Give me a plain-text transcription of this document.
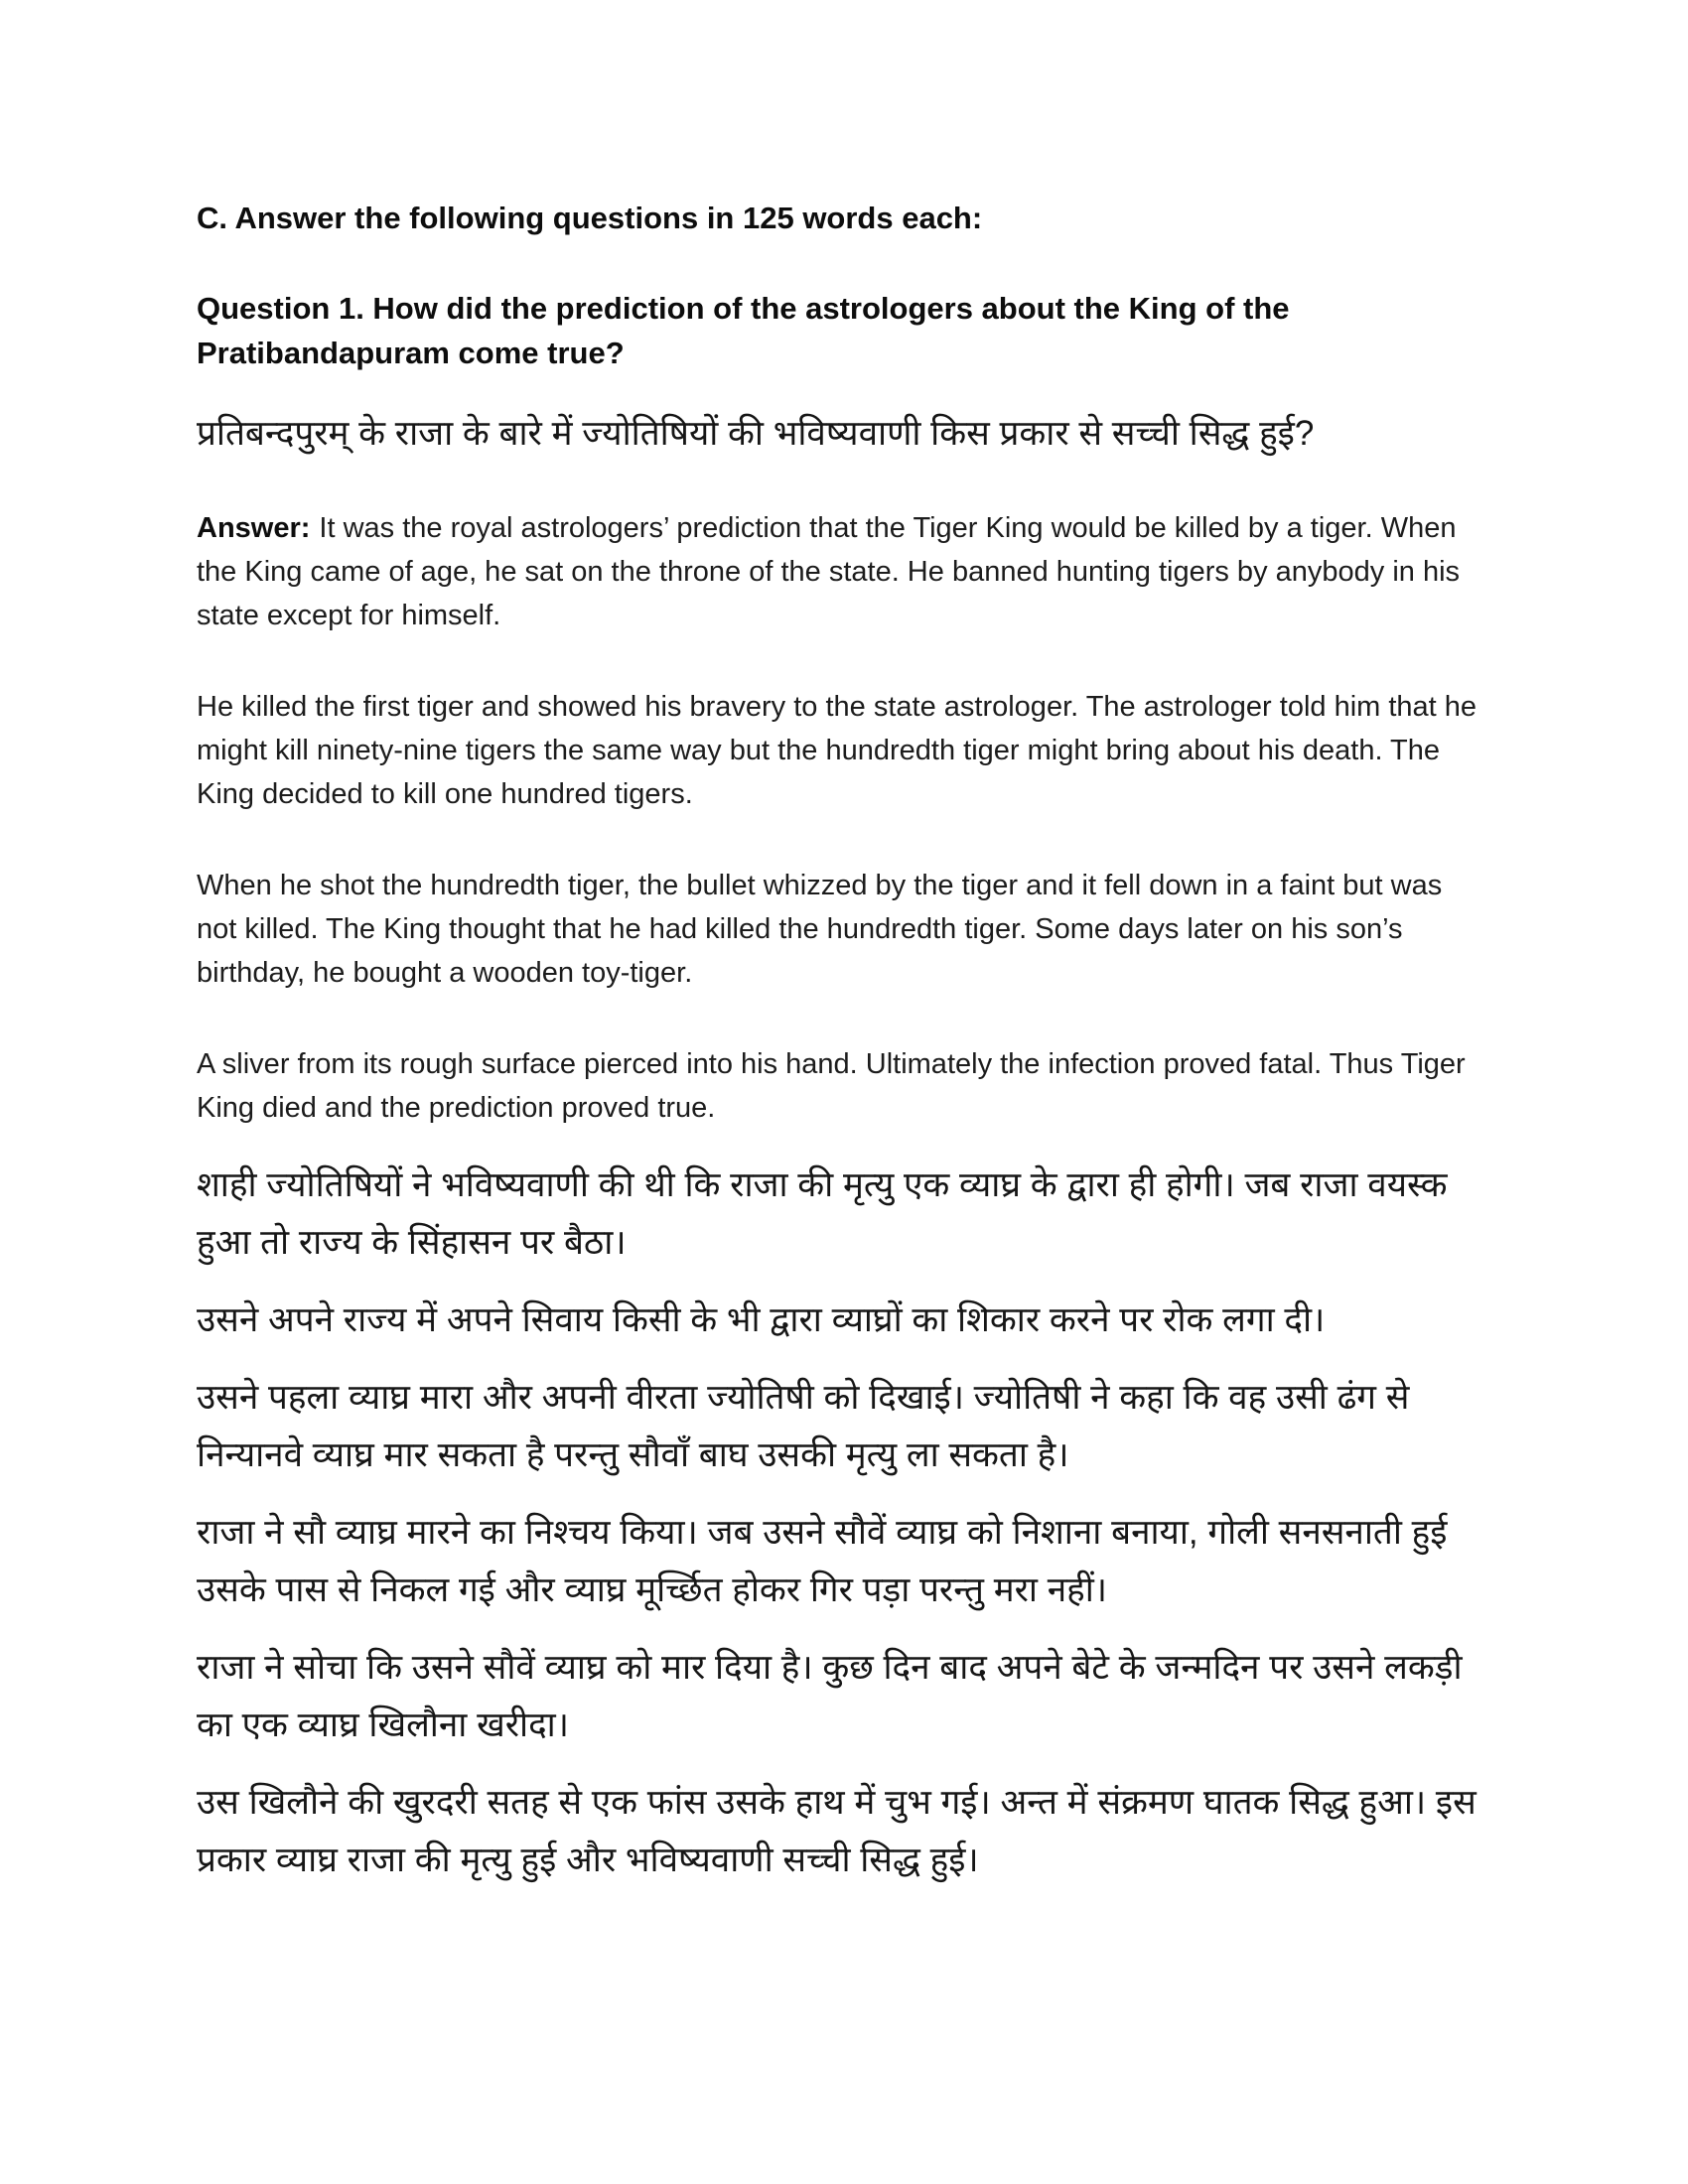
C. Answer the following questions in 125 words each:
Question 1. How did the prediction of the astrologers about the King of the Pratibandapuram come true?

प्रतिबन्दपुरम् के राजा के बारे में ज्योतिषियों की भविष्यवाणी किस प्रकार से सच्ची सिद्ध हुई?

Answer: It was the royal astrologers’ prediction that the Tiger King would be killed by a tiger. When the King came of age, he sat on the throne of the state. He banned hunting tigers by anybody in his state except for himself.

He killed the first tiger and showed his bravery to the state astrologer. The astrologer told him that he might kill ninety-nine tigers the same way but the hundredth tiger might bring about his death. The King decided to kill one hundred tigers.

When he shot the hundredth tiger, the bullet whizzed by the tiger and it fell down in a faint but was not killed. The King thought that he had killed the hundredth tiger. Some days later on his son’s birthday, he bought a wooden toy-tiger.

A sliver from its rough surface pierced into his hand. Ultimately the infection proved fatal. Thus Tiger King died and the prediction proved true.

शाही ज्योतिषियों ने भविष्यवाणी की थी कि राजा की मृत्यु एक व्याघ्र के द्वारा ही होगी। जब राजा वयस्क हुआ तो राज्य के सिंहासन पर बैठा।

उसने अपने राज्य में अपने सिवाय किसी के भी द्वारा व्याघ्रों का शिकार करने पर रोक लगा दी।

उसने पहला व्याघ्र मारा और अपनी वीरता ज्योतिषी को दिखाई। ज्योतिषी ने कहा कि वह उसी ढंग से निन्यानवे व्याघ्र मार सकता है परन्तु सौवाँ बाघ उसकी मृत्यु ला सकता है।

राजा ने सौ व्याघ्र मारने का निश्चय किया। जब उसने सौवें व्याघ्र को निशाना बनाया, गोली सनसनाती हुई उसके पास से निकल गई और व्याघ्र मूर्च्छित होकर गिर पड़ा परन्तु मरा नहीं।

राजा ने सोचा कि उसने सौवें व्याघ्र को मार दिया है। कुछ दिन बाद अपने बेटे के जन्मदिन पर उसने लकड़ी का एक व्याघ्र खिलौना खरीदा।

उस खिलौने की खुरदरी सतह से एक फांस उसके हाथ में चुभ गई। अन्त में संक्रमण घातक सिद्ध हुआ। इस प्रकार व्याघ्र राजा की मृत्यु हुई और भविष्यवाणी सच्ची सिद्ध हुई।
